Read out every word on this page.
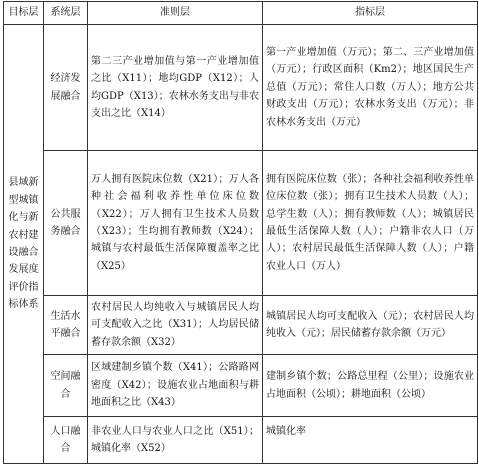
目标层	系统层	准则层	指标层
县域新型城镇化与新农村建设融合发展度评价指标体系	经济发展融合	第二三产业增加值与第一产业增加值之比（X11）；地均GDP（X12）；人均GDP（X13）；农林水务支出与非农支出之比（X14）	第一产业增加值（万元）；第二、三产业增加值（万元）；行政区面积（Km2）；地区国民生产总值（万元）；常住人口数（万人）；地方公共财政支出（万元）；农林水务支出（万元）；非农林水务支出（万元）
	公共服务融合	万人拥有医院床位数（X21）；万人各种社会福利收养性单位床位数（X22）；万人拥有卫生技术人员数（X23）；生均拥有教师数（X24）；城镇与农村最低生活保障覆盖率之比（X25）	拥有医院床位数（张）；各种社会福利收养性单位床位数（张）；拥有卫生技术人员数（人）；总学生数（人）；拥有教师数（人）；城镇居民最低生活保障人数（人）；户籍非农人口（万人）；农村居民最低生活保障人数（人）；户籍农业人口（万人）
	生活水平融合	农村居民人均纯收入与城镇居民人均可支配收入之比（X31）；人均居民储蓄存款余额（X32）	城镇居民人均可支配收入（元）；农村居民人均纯收入（元）；居民储蓄存款余额（万元）
	空间融合	区域建制乡镇个数（X41）；公路路网密度（X42）；设施农业占地面积与耕地面积之比（X43）	建制乡镇个数；公路总里程（公里）；设施农业占地面积（公顷）；耕地面积（公顷）
	人口融合	非农业人口与农业人口之比（X51）；城镇化率（X52）	城镇化率
